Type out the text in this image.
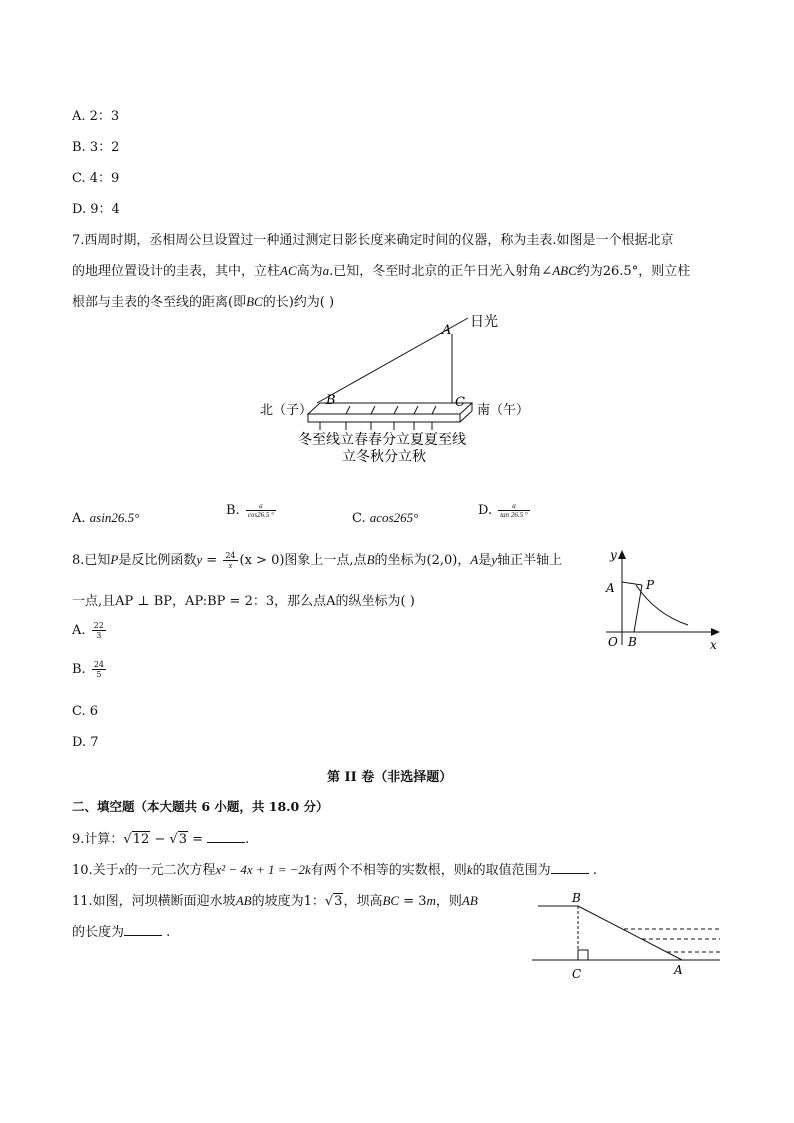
A. 2：3
B. 3：2
C. 4：9
D. 9：4
7.西周时期，丞相周公旦设置过一种通过测定日影长度来确定时间的仪器，称为圭表.如图是一个根据北京
的地理位置设计的圭表，其中，立柱AC高为a.已知，冬至时北京的正午日光入射角∠ABC约为26.5°，则立柱
根部与圭表的冬至线的距离(即BC的长)约为( )
A
日光
B	C
北（子）	南（午）
冬至线立春春分立夏夏至线
立冬秋分立秋
A. asin26.5°	B. $\frac{a}{\cos 26.5 ^\circ}$	C. acos265°	D. $\frac{a}{\tan 26.5 ^\circ}$
8.已知P是反比例函数$y = \frac{24}{x} (x > 0)$图象上一点,点B的坐标为(2,0)，A是y轴正半轴上
一点,且AP ⊥ BP，AP:BP = 2：3，那么点A的纵坐标为( )
y
x
A	P
O B
A. $\frac{22}{3}$
B. $\frac{24}{5}$
C. 6
D. 7
第 II 卷（非选择题）
二、填空题（本大题共 6 小题，共 18.0 分）
9.计算：√12 − √3 =	.
10.关于x的一元二次方程x² − 4x + 1 = −2k有两个不相等的实数根，则k的取值范围为	.
11.如图，河坝横断面迎水坡AB的坡度为1：√3，坝高BC = 3m，则AB
的长度为	.
B
C	A
